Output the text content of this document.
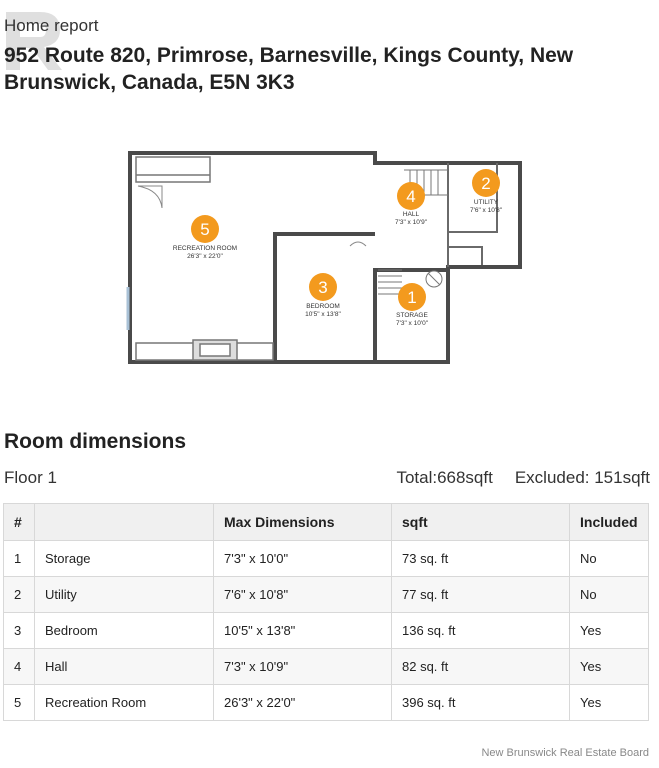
Home report
952 Route 820, Primrose, Barnesville, Kings County, New Brunswick, Canada, E5N 3K3
1
STORAGE
7'3" x 10'0"
2
UTILITY
7'6" x 10'8"
3
BEDROOM
10'5" x 13'8"
4
HALL
7'3" x 10'9"
5
RECREATION ROOM
26'3" x 22'0"
Room dimensions
Floor 1	Total:668sqft Excluded: 151sqft
#		Max Dimensions	sqft	Included
1	Storage	7'3" x 10'0"	73 sq. ft	No
2	Utility	7'6" x 10'8"	77 sq. ft	No
3	Bedroom	10'5" x 13'8"	136 sq. ft	Yes
4	Hall	7'3" x 10'9"	82 sq. ft	Yes
5	Recreation Room	26'3" x 22'0"	396 sq. ft	Yes
New Brunswick Real Estate Board
